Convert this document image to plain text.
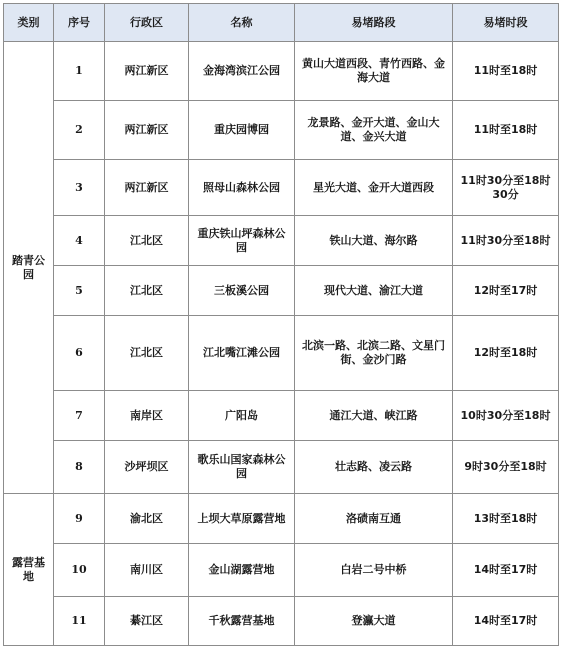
类别	序号	行政区	名称	易堵路段	易堵时段
踏青公园	1	两江新区	金海湾滨江公园	黄山大道西段、青竹西路、金海大道	11时至18时
	2	两江新区	重庆园博园	龙景路、金开大道、金山大道、金兴大道	11时至18时
	3	两江新区	照母山森林公园	星光大道、金开大道西段	11时30分至18时30分
	4	江北区	重庆铁山坪森林公园	铁山大道、海尔路	11时30分至18时
	5	江北区	三板溪公园	现代大道、渝江大道	12时至17时
	6	江北区	江北嘴江滩公园	北滨一路、北滨二路、文星门街、金沙门路	12时至18时
	7	南岸区	广阳岛	通江大道、峡江路	10时30分至18时
	8	沙坪坝区	歌乐山国家森林公园	壮志路、凌云路	9时30分至18时
露营基地	9	渝北区	上坝大草原露营地	洛碛南互通	13时至18时
	10	南川区	金山湖露营地	白岩二号中桥	14时至17时
	11	綦江区	千秋露营基地	登瀛大道	14时至17时
